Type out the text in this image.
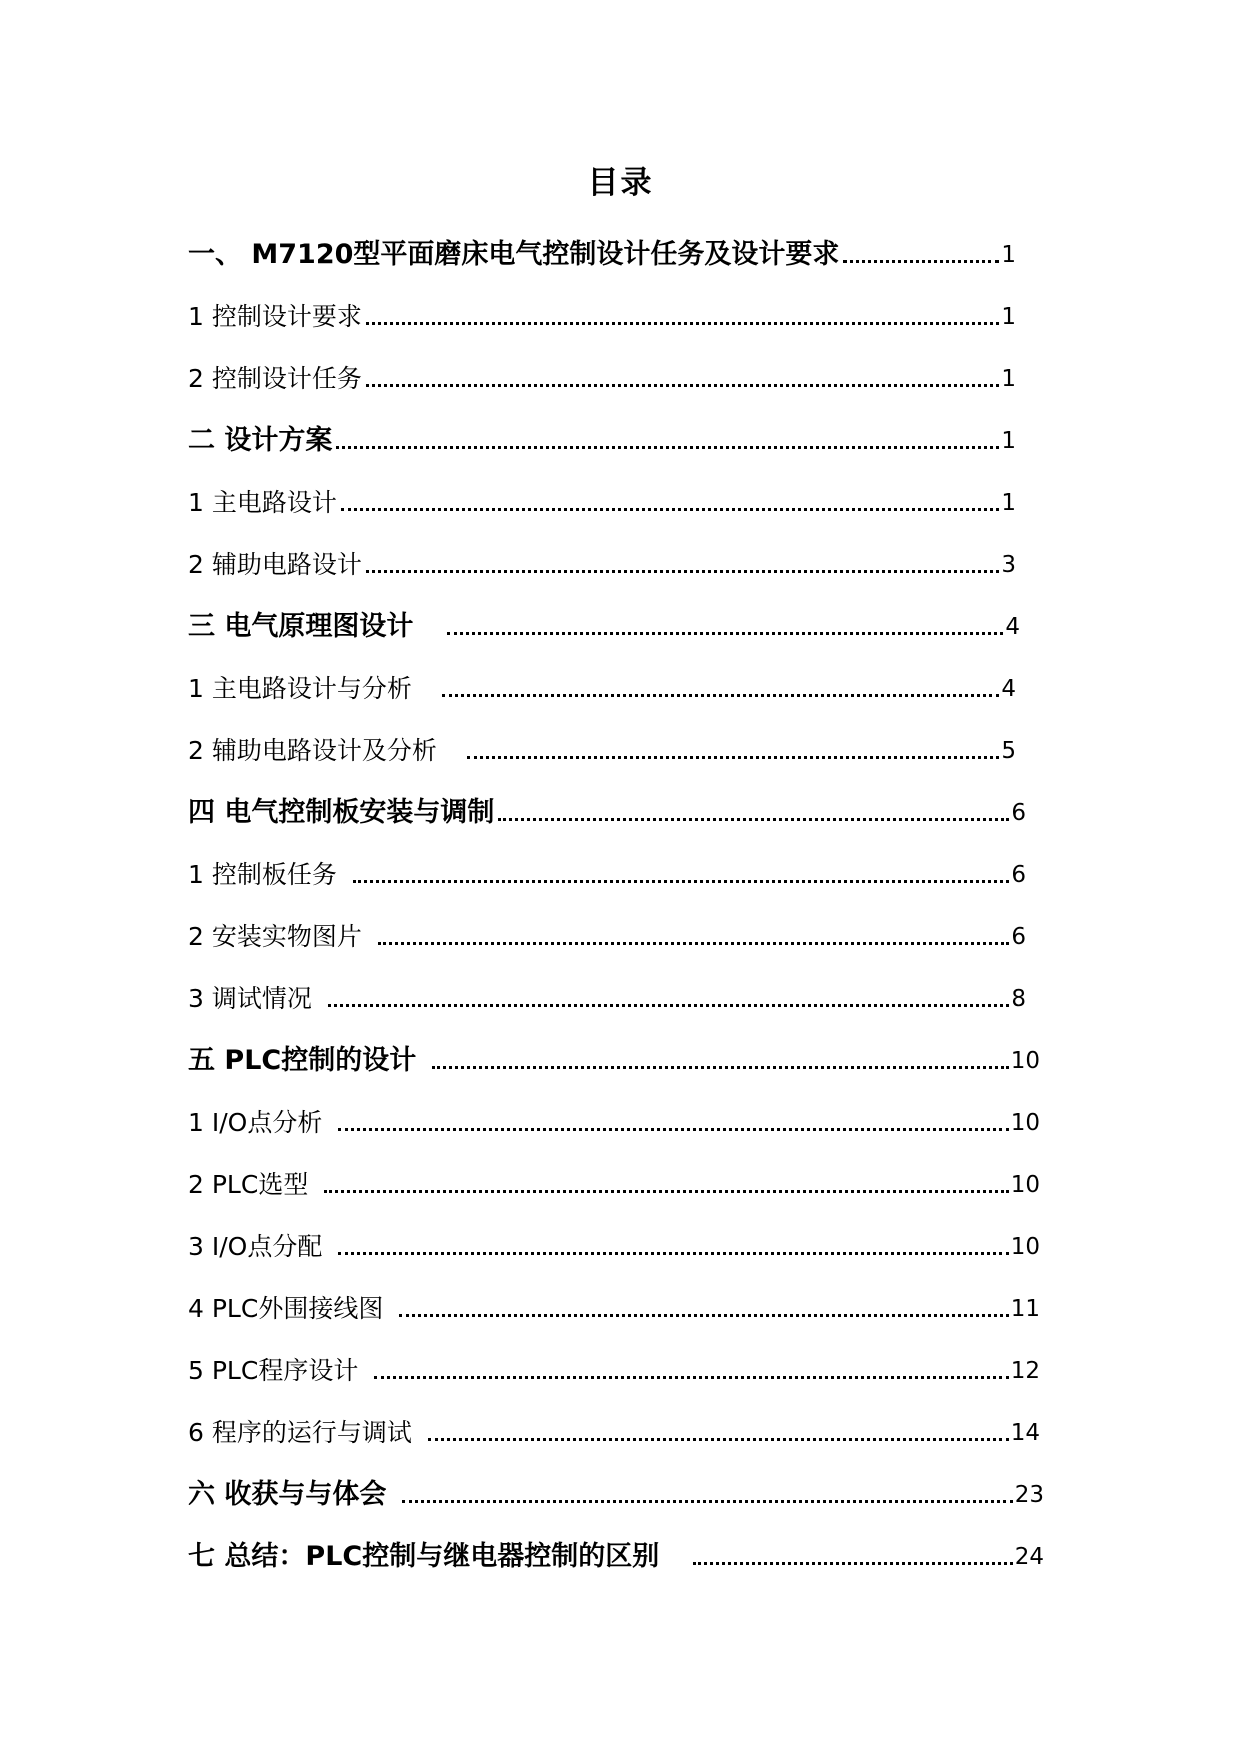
目录
一、 M7120型平面磨床电气控制设计任务及设计要求	1
1 控制设计要求	1
2 控制设计任务	1
二 设计方案	1
1 主电路设计	1
2 辅助电路设计	3
三 电气原理图设计	4
1 主电路设计与分析	4
2 辅助电路设计及分析	5
四 电气控制板安装与调制	6
1 控制板任务	6
2 安装实物图片	6
3 调试情况	8
五 PLC控制的设计	10
1 I/O点分析	10
2 PLC选型	10
3 I/O点分配	10
4 PLC外围接线图	11
5 PLC程序设计	12
6 程序的运行与调试	14
六 收获与与体会	23
七 总结：PLC控制与继电器控制的区别	24
